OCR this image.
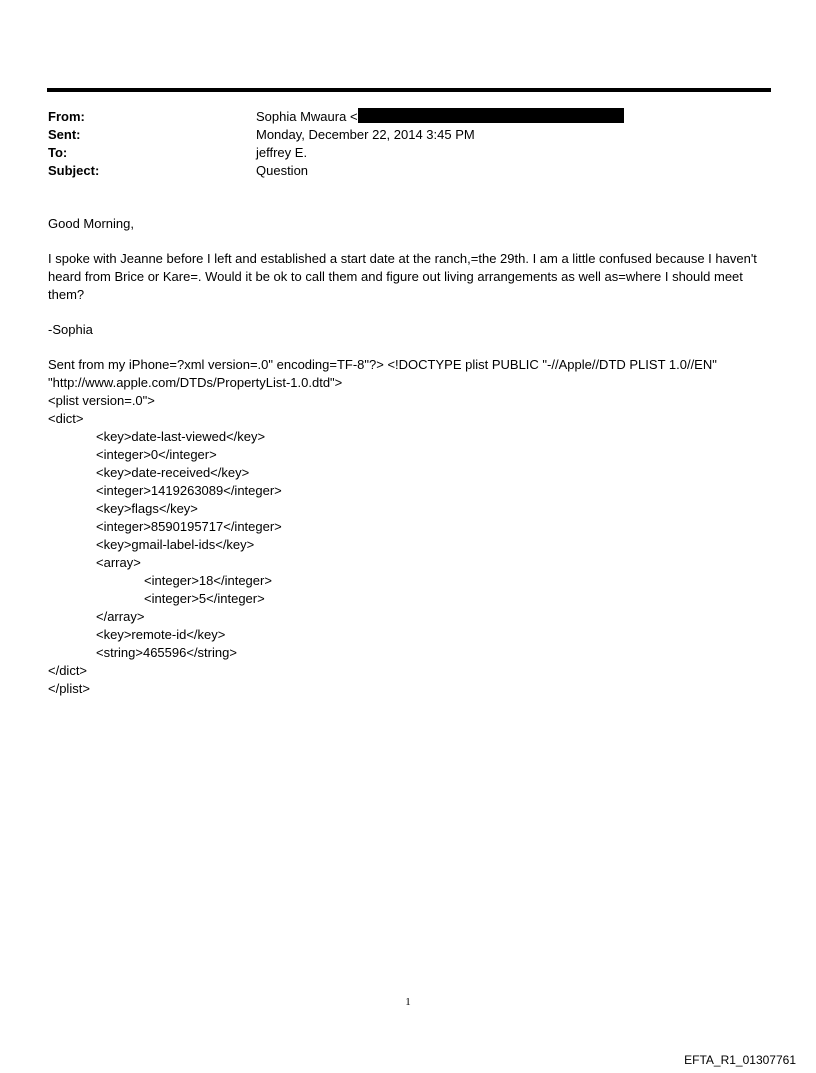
From:	Sophia Mwaura <
Sent:	Monday, December 22, 2014 3:45 PM
To:	jeffrey E.
Subject:	Question

Good Morning,

I spoke with Jeanne before I left and established a start date at the ranch,=the 29th. I am a little confused because I haven't heard from Brice or Kare=. Would it be ok to call them and figure out living arrangements as well as=where I should meet them?

-Sophia

Sent from my iPhone=?xml version=.0" encoding=TF-8"?> <!DOCTYPE plist PUBLIC "-//Apple//DTD PLIST 1.0//EN"
"http://www.apple.com/DTDs/PropertyList-1.0.dtd">
<plist version=.0">
<dict>
<key>date-last-viewed</key>
<integer>0</integer>
<key>date-received</key>
<integer>1419263089</integer>
<key>flags</key>
<integer>8590195717</integer>
<key>gmail-label-ids</key>
<array>
<integer>18</integer>
<integer>5</integer>
</array>
<key>remote-id</key>
<string>465596</string>
</dict>
</plist>
1
EFTA_R1_01307761
